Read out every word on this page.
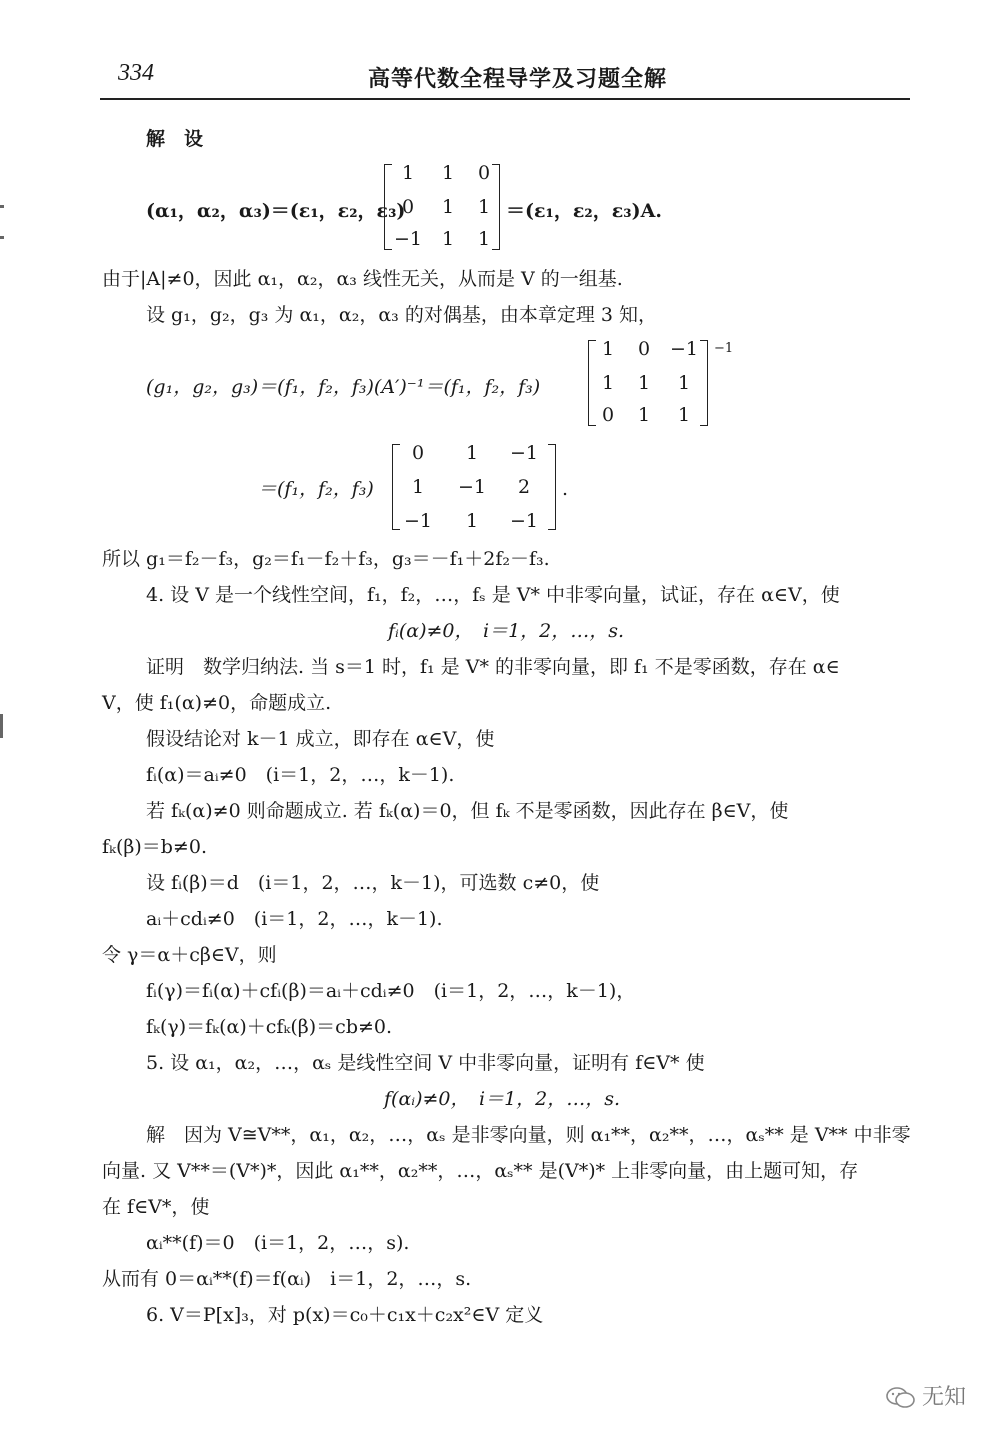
334	高等代数全程导学及习题全解
解　设
(α₁，α₂，α₃)＝(ε₁，ε₂，ε₃)
1	1	0
0	1	1
−1	1	1
＝(ε₁，ε₂，ε₃)A.
由于|A|≠0，因此 α₁，α₂，α₃ 线性无关，从而是 V 的一组基.
设 g₁，g₂，g₃ 为 α₁，α₂，α₃ 的对偶基，由本章定理 3 知，
(g₁，g₂，g₃)＝(f₁，f₂，f₃)(A′)⁻¹＝(f₁，f₂，f₃)
1	0	−1
1	1	1
0	1	1
−1
＝(f₁，f₂，f₃)
0	1	−1
1	−1	2
−1	1	−1
.
所以 g₁＝f₂－f₃，g₂＝f₁－f₂＋f₃，g₃＝－f₁＋2f₂－f₃.
4. 设 V 是一个线性空间，f₁，f₂，…，fₛ 是 V* 中非零向量，试证，存在 α∈V，使
fᵢ(α)≠0，　i＝1，2，…，s.
证明　数学归纳法. 当 s＝1 时，f₁ 是 V* 的非零向量，即 f₁ 不是零函数，存在 α∈
V，使 f₁(α)≠0，命题成立.
假设结论对 k－1 成立，即存在 α∈V，使
fᵢ(α)＝aᵢ≠0　(i＝1，2，…，k－1).
若 fₖ(α)≠0 则命题成立. 若 fₖ(α)＝0，但 fₖ 不是零函数，因此存在 β∈V，使
fₖ(β)＝b≠0.
设 fᵢ(β)＝d　(i＝1，2，…，k－1)，可选数 c≠0，使
aᵢ＋cdᵢ≠0　(i＝1，2，…，k－1).
令 γ＝α＋cβ∈V，则
fᵢ(γ)＝fᵢ(α)＋cfᵢ(β)＝aᵢ＋cdᵢ≠0　(i＝1，2，…，k－1)，
fₖ(γ)＝fₖ(α)＋cfₖ(β)＝cb≠0.
5. 设 α₁，α₂，…，αₛ 是线性空间 V 中非零向量，证明有 f∈V* 使
f(αᵢ)≠0，　i＝1，2，…，s.
解　因为 V≅V**，α₁，α₂，…，αₛ 是非零向量，则 α₁**，α₂**，…，αₛ** 是 V** 中非零
向量. 又 V**＝(V*)*，因此 α₁**，α₂**，…，αₛ** 是(V*)* 上非零向量，由上题可知，存
在 f∈V*，使
αᵢ**(f)＝0　(i＝1，2，…，s).
从而有 0＝αᵢ**(f)＝f(αᵢ)　i＝1，2，…，s.
6. V＝P[x]₃，对 p(x)＝c₀＋c₁x＋c₂x²∈V 定义
无知
